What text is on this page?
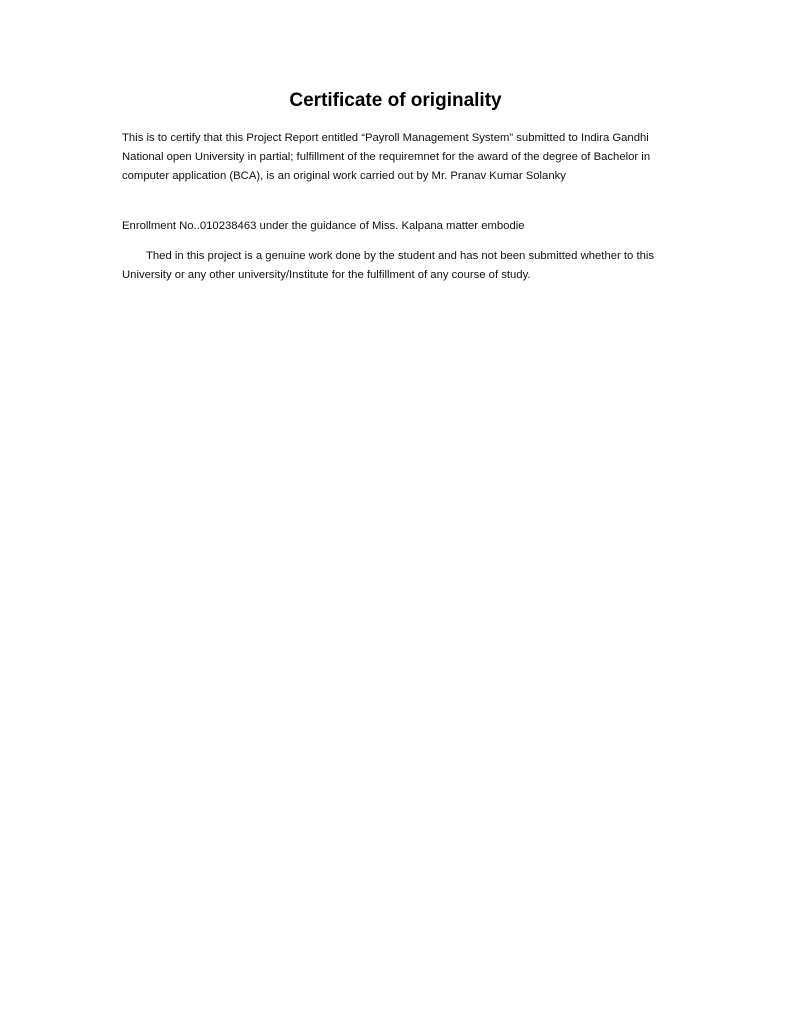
Certificate of originality

This is to certify that this Project Report entitled “Payroll Management System” submitted to Indira Gandhi National open University in partial; fulfillment of the requiremnet for the award of the degree of Bachelor in computer application (BCA), is an original work carried out by Mr. Pranav Kumar Solanky

Enrollment No..010238463 under the guidance of Miss. Kalpana matter embodie

Thed in this project is a genuine work done by the student and has not been submitted whether to this University or any other university/Institute for the fulfillment of any course of study.
